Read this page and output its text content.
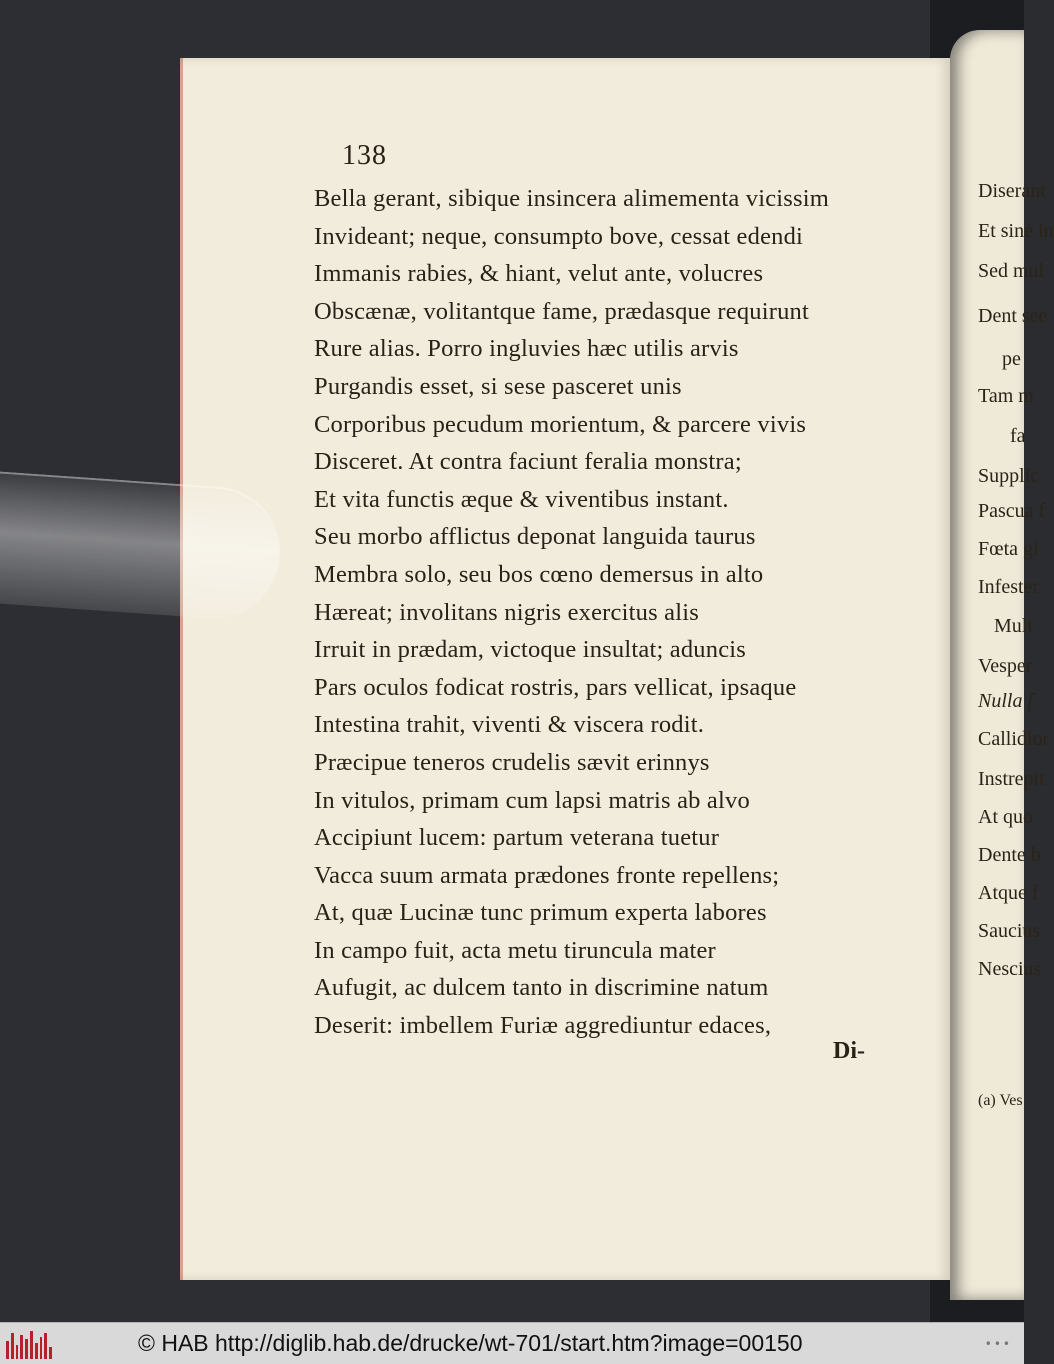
138
Bella gerant, sibique insincera alimementa vicissim
Invideant; neque, consumpto bove, cessat edendi
Immanis rabies, & hiant, velut ante, volucres
Obscænæ, volitantque fame, prædasque requirunt
Rure alias. Porro ingluvies hæc utilis arvis
Purgandis esset, si sese pasceret unis
Corporibus pecudum morientum, & parcere vivis
Disceret. At contra faciunt feralia monstra;
Et vita functis æque & viventibus instant.
Seu morbo afflictus deponat languida taurus
Membra solo, seu bos cœno demersus in alto
Hæreat; involitans nigris exercitus alis
Irruit in prædam, victoque insultat; aduncis
Pars oculos fodicat rostris, pars vellicat, ipsaque
Intestina trahit, viventi & viscera rodit.
Præcipue teneros crudelis sævit erinnys
In vitulos, primam cum lapsi matris ab alvo
Accipiunt lucem: partum veterana tuetur
Vacca suum armata prædones fronte repellens;
At, quæ Lucinæ tunc primum experta labores
In campo fuit, acta metu tiruncula mater
Aufugit, ac dulcem tanto in discrimine natum
Deserit: imbellem Furiæ aggrediuntur edaces,
Di-
Diserant
Et sine in
Sed mul
Dent see
pe
Tam m
fa
Supplic
Pascua f
Fœta gl
Infester
Mult
Vesper
Nulla f
Callidior
Instrepit
At quo
Dente b
Atque f
Saucius
Nescius
(a) Ves
© HAB http://diglib.hab.de/drucke/wt-701/start.htm?image=00150	•••
